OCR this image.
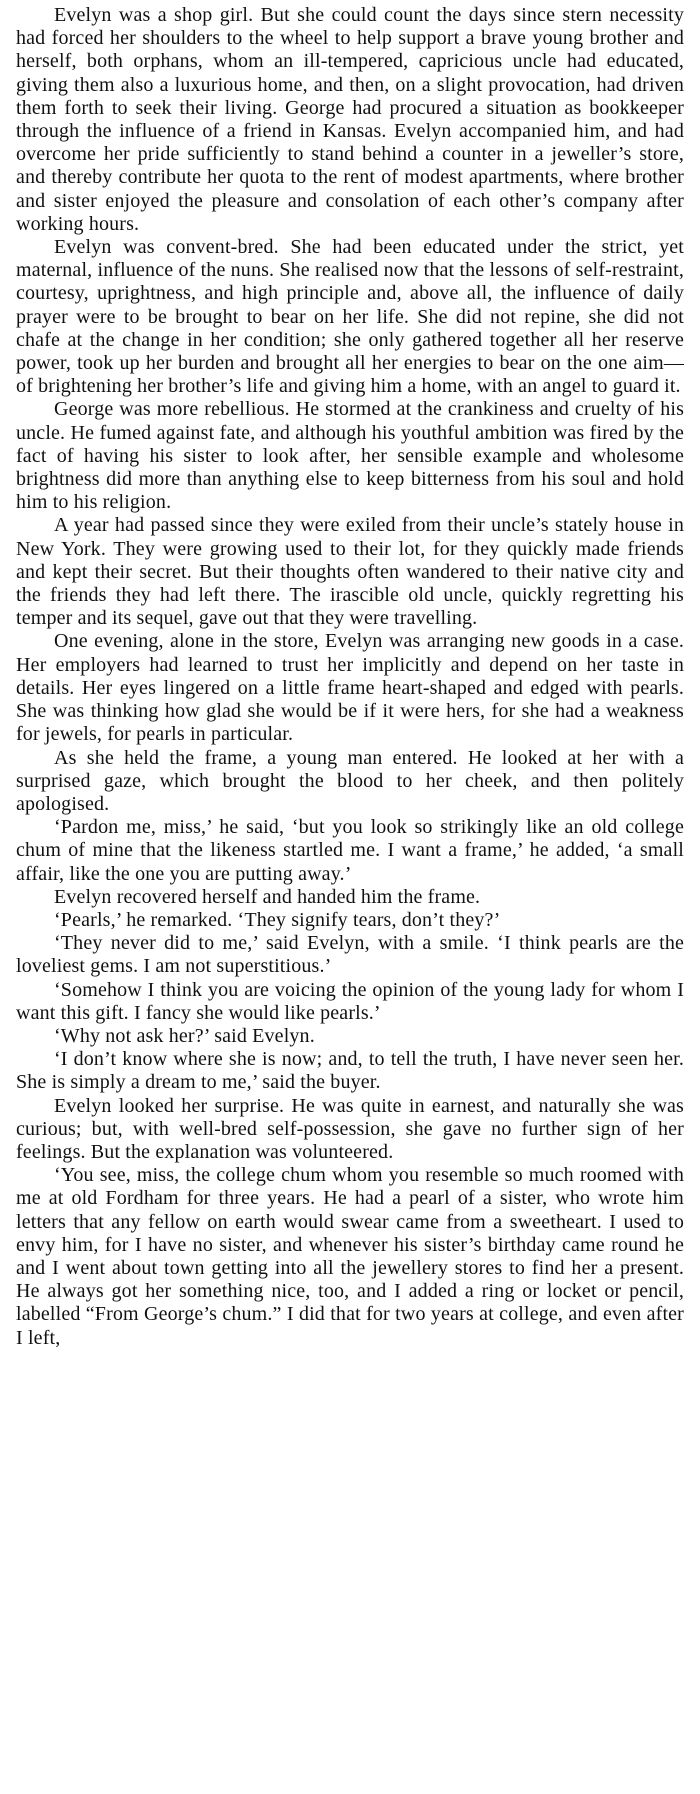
Evelyn was a shop girl. But she could count the days since stern necessity had forced her shoulders to the wheel to help support a brave young brother and herself, both orphans, whom an ill-tempered, capricious uncle had educated, giving them also a luxurious home, and then, on a slight provocation, had driven them forth to seek their living. George had procured a situation as bookkeeper through the influence of a friend in Kansas. Evelyn accompanied him, and had overcome her pride sufficiently to stand behind a counter in a jeweller’s store, and thereby contribute her quota to the rent of modest apartments, where brother and sister enjoyed the pleasure and consolation of each other’s company after working hours.

Evelyn was convent-bred. She had been educated under the strict, yet maternal, influence of the nuns. She realised now that the lessons of self-restraint, courtesy, uprightness, and high principle and, above all, the influence of daily prayer were to be brought to bear on her life. She did not repine, she did not chafe at the change in her condition; she only gathered together all her reserve power, took up her burden and brought all her energies to bear on the one aim—of brightening her brother’s life and giving him a home, with an angel to guard it.

George was more rebellious. He stormed at the crankiness and cruelty of his uncle. He fumed against fate, and although his youthful ambition was fired by the fact of having his sister to look after, her sensible example and wholesome brightness did more than anything else to keep bitterness from his soul and hold him to his religion.

A year had passed since they were exiled from their uncle’s stately house in New York. They were growing used to their lot, for they quickly made friends and kept their secret. But their thoughts often wandered to their native city and the friends they had left there. The irascible old uncle, quickly regretting his temper and its sequel, gave out that they were travelling.

One evening, alone in the store, Evelyn was arranging new goods in a case. Her employers had learned to trust her implicitly and depend on her taste in details. Her eyes lingered on a little frame heart-shaped and edged with pearls. She was thinking how glad she would be if it were hers, for she had a weakness for jewels, for pearls in particular.

As she held the frame, a young man entered. He looked at her with a surprised gaze, which brought the blood to her cheek, and then politely apologised.

‘Pardon me, miss,’ he said, ‘but you look so strikingly like an old college chum of mine that the likeness startled me. I want a frame,’ he added, ‘a small affair, like the one you are putting away.’

Evelyn recovered herself and handed him the frame.

‘Pearls,’ he remarked. ‘They signify tears, don’t they?’

‘They never did to me,’ said Evelyn, with a smile. ‘I think pearls are the loveliest gems. I am not superstitious.’

‘Somehow I think you are voicing the opinion of the young lady for whom I want this gift. I fancy she would like pearls.’

‘Why not ask her?’ said Evelyn.

‘I don’t know where she is now; and, to tell the truth, I have never seen her. She is simply a dream to me,’ said the buyer.

Evelyn looked her surprise. He was quite in earnest, and naturally she was curious; but, with well-bred self-possession, she gave no further sign of her feelings. But the explanation was volunteered.

‘You see, miss, the college chum whom you resemble so much roomed with me at old Fordham for three years. He had a pearl of a sister, who wrote him letters that any fellow on earth would swear came from a sweetheart. I used to envy him, for I have no sister, and whenever his sister’s birthday came round he and I went about town getting into all the jewellery stores to find her a present. He always got her something nice, too, and I added a ring or locket or pencil, labelled “From George’s chum.” I did that for two years at college, and even after I left,
